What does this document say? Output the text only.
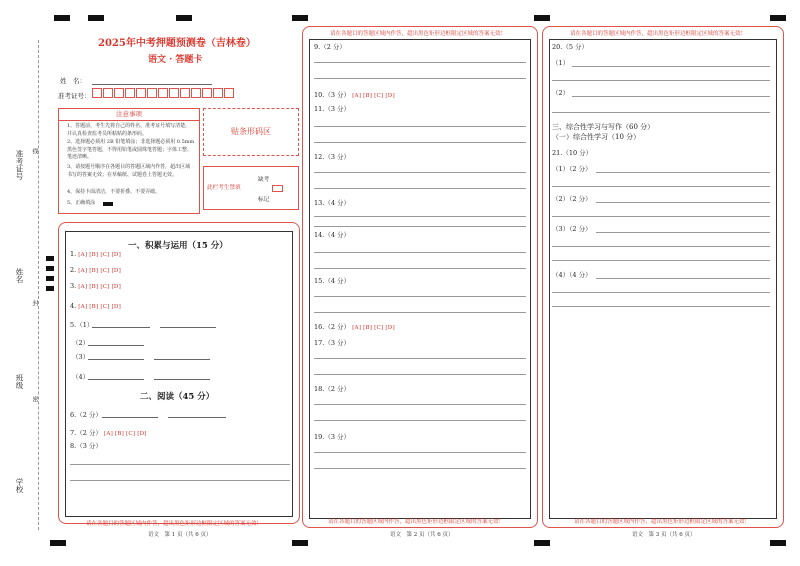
准考证号
姓名
班级
学校
线
封
密
2025年中考押题预测卷（吉林卷）
语文 · 答题卡
姓　名：
准考证号：
注意事项
1、答题前，考生先将自己的姓名、准考证号填写清楚，并认真检查监考员所粘贴的条形码。
2、选择题必须用 2B 铅笔填涂；非选择题必须用 0.5mm 黑色签字笔答题，不得用铅笔或圆珠笔答题；字体工整、笔迹清晰。
3、请按题号顺序在各题目的答题区域内作答，超出区域书写的答案无效；在草稿纸、试题卷上答题无效。
4、保持卡面清洁，不要折叠、不要弄破。
5、正确填涂
贴条形码区
此栏考生禁填
缺考
标记
一、积累与运用（15 分）
1. [A] [B] [C] [D]
2. [A] [B] [C] [D]
3. [A] [B] [C] [D]
4. [A] [B] [C] [D]
5.（1）
（2）
（3）
（4）
二、阅读（45 分）
6.（2 分）
7.（2 分） [A] [B] [C] [D]
8.（3 分）
请在各题目的答题区域内作答，超出黑色矩形边框限定区域的答案无效！
语文　第 1 页（共 6 页）
请在各题目的答题区域内作答，超出黑色矩形边框限定区域的答案无效！
9.（2 分）
10.（3 分） [A] [B] [C] [D]
11.（3 分）
12.（3 分）
13.（4 分）
14.（4 分）
15.（4 分）
16.（2 分） [A] [B] [C] [D]
17.（3 分）
18.（2 分）
19.（3 分）
请在各题目的答题区域内作答，超出黑色矩形边框限定区域的答案无效！
语文　第 2 页（共 6 页）
请在各题目的答题区域内作答，超出黑色矩形边框限定区域的答案无效！
20.（5 分）
（1）
（2）
三、综合性学习与写作（60 分）
（一）综合性学习（10 分）
21.（10 分）
（1）（2 分）
（2）（2 分）
（3）（2 分）
（4）（4 分）
请在各题目的答题区域内作答，超出黑色矩形边框限定区域的答案无效！
语文　第 3 页（共 6 页）
